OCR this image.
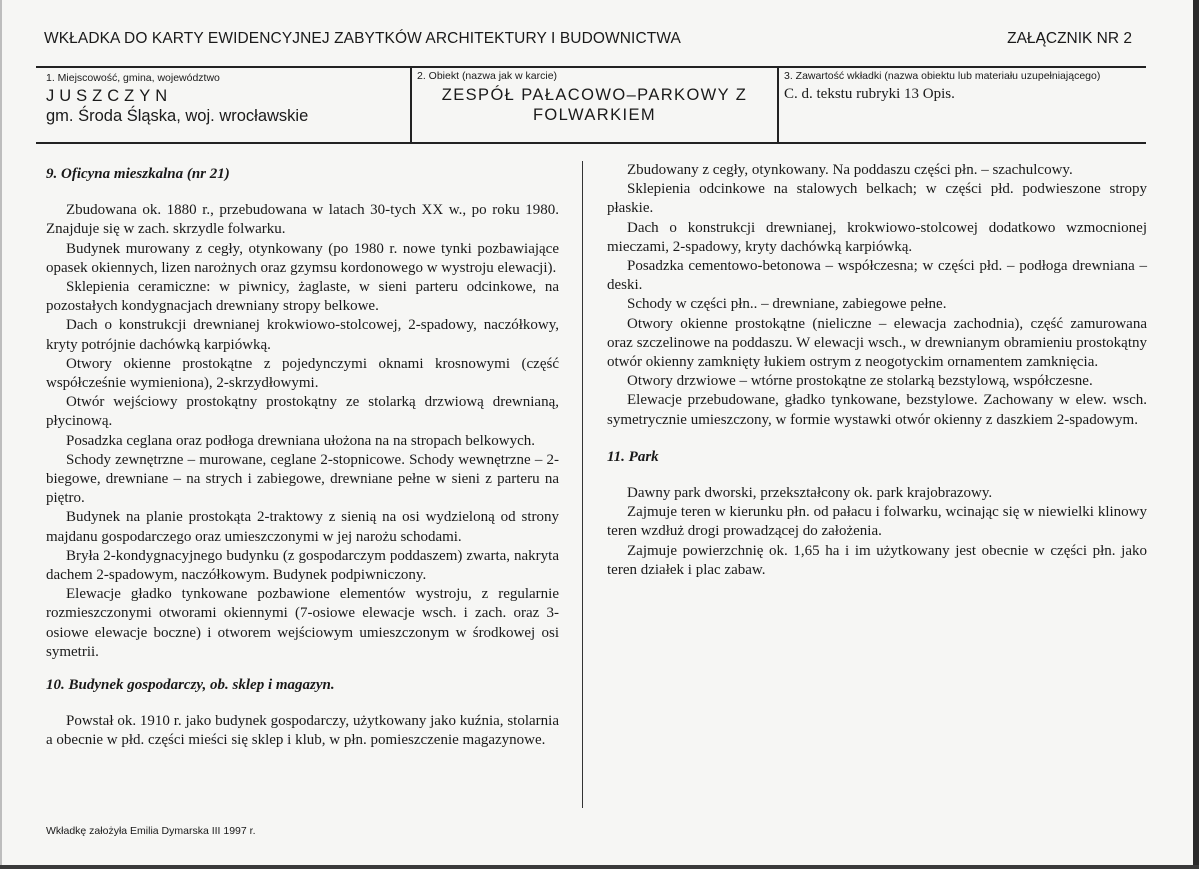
WKŁADKA DO KARTY EWIDENCYJNEJ ZABYTKÓW ARCHITEKTURY I BUDOWNICTWA	ZAŁĄCZNIK NR 2
1. Miejscowość, gmina, województwo
JUSZCZYN
gm. Środa Śląska, woj. wrocławskie
2. Obiekt (nazwa jak w karcie)
ZESPÓŁ PAŁACOWO–PARKOWY Z
FOLWARKIEM
3. Zawartość wkładki (nazwa obiektu lub materiału uzupełniającego)
C. d. tekstu rubryki 13 Opis.
9. Oficyna mieszkalna (nr 21)

Zbudowana ok. 1880 r., przebudowana w latach 30-tych XX w., po roku 1980. Znajduje się w zach. skrzydle folwarku.

Budynek murowany z cegły, otynkowany (po 1980 r. nowe tynki pozbawiające opasek okiennych, lizen narożnych oraz gzymsu kordonowego w wystroju elewacji).

Sklepienia ceramiczne: w piwnicy, żaglaste, w sieni parteru odcinkowe, na pozostałych kondygnacjach drewniany stropy belkowe.

Dach o konstrukcji drewnianej krokwiowo-stolcowej, 2-spadowy, naczółkowy, kryty potrójnie dachówką karpiówką.

Otwory okienne prostokątne z pojedynczymi oknami krosnowymi (część współcześnie wymieniona), 2-skrzydłowymi.

Otwór wejściowy prostokątny prostokątny ze stolarką drzwiową drewnianą, płycinową.

Posadzka ceglana oraz podłoga drewniana ułożona na na stropach belkowych.

Schody zewnętrzne – murowane, ceglane 2-stopnicowe. Schody wewnętrzne – 2-biegowe, drewniane – na strych i zabiegowe, drewniane pełne w sieni z parteru na piętro.

Budynek na planie prostokąta 2-traktowy z sienią na osi wydzieloną od strony majdanu gospodarczego oraz umieszczonymi w jej narożu schodami.

Bryła 2-kondygnacyjnego budynku (z gospodarczym poddaszem) zwarta, nakryta dachem 2-spadowym, naczółkowym. Budynek podpiwniczony.

Elewacje gładko tynkowane pozbawione elementów wystroju, z regularnie rozmieszczonymi otworami okiennymi (7-osiowe elewacje wsch. i zach. oraz 3-osiowe elewacje boczne) i otworem wejściowym umieszczonym w środkowej osi symetrii.

10. Budynek gospodarczy, ob. sklep i magazyn.

Powstał ok. 1910 r. jako budynek gospodarczy, użytkowany jako kuźnia, stolarnia a obecnie w płd. części mieści się sklep i klub, w płn. pomieszczenie magazynowe.

Zbudowany z cegły, otynkowany. Na poddaszu części płn. – szachulcowy.

Sklepienia odcinkowe na stalowych belkach; w części płd. podwieszone stropy płaskie.

Dach o konstrukcji drewnianej, krokwiowo-stolcowej dodatkowo wzmocnionej mieczami, 2-spadowy, kryty dachówką karpiówką.

Posadzka cementowo-betonowa – współczesna; w części płd. – podłoga drewniana – deski.

Schody w części płn.. – drewniane, zabiegowe pełne.

Otwory okienne prostokątne (nieliczne – elewacja zachodnia), część zamurowana oraz szczelinowe na poddaszu. W elewacji wsch., w drewnianym obramieniu prostokątny otwór okienny zamknięty łukiem ostrym z neogotyckim ornamentem zamknięcia.

Otwory drzwiowe – wtórne prostokątne ze stolarką bezstylową, współczesne.

Elewacje przebudowane, gładko tynkowane, bezstylowe. Zachowany w elew. wsch. symetrycznie umieszczony, w formie wystawki otwór okienny z daszkiem 2-spadowym.

11. Park

Dawny park dworski, przekształcony ok. park krajobrazowy.

Zajmuje teren w kierunku płn. od pałacu i folwarku, wcinając się w niewielki klinowy teren wzdłuż drogi prowadzącej do założenia.

Zajmuje powierzchnię ok. 1,65 ha i im użytkowany jest obecnie w części płn. jako teren działek i plac zabaw.

Wkładkę założyła Emilia Dymarska III 1997 r.
